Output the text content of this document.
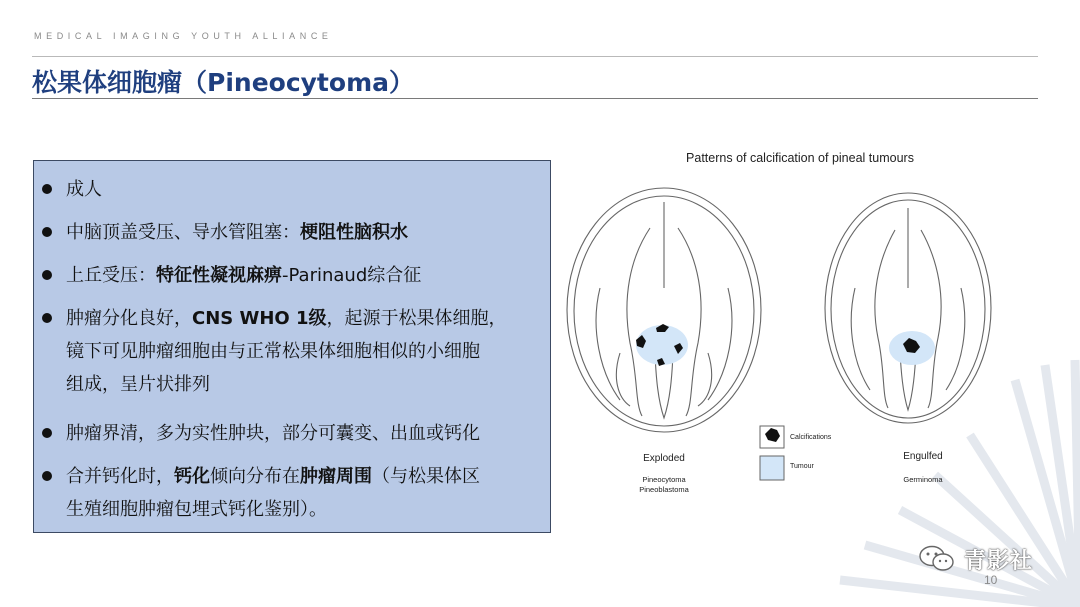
MEDICAL IMAGING YOUTH ALLIANCE
松果体细胞瘤（Pineocytoma）
成人
中脑顶盖受压、导水管阻塞：梗阻性脑积水
上丘受压：特征性凝视麻痹-Parinaud综合征
肿瘤分化良好，CNS WHO 1级，起源于松果体细胞，
镜下可见肿瘤细胞由与正常松果体细胞相似的小细胞
组成，呈片状排列
肿瘤界清，多为实性肿块，部分可囊变、出血或钙化
合并钙化时，钙化倾向分布在肿瘤周围（与松果体区
生殖细胞肿瘤包埋式钙化鉴别）。
Patterns of calcification of pineal tumours
Calcifications
Tumour
Exploded
Pineocytoma
Pineoblastoma
Engulfed
Germinoma
青影社
10
